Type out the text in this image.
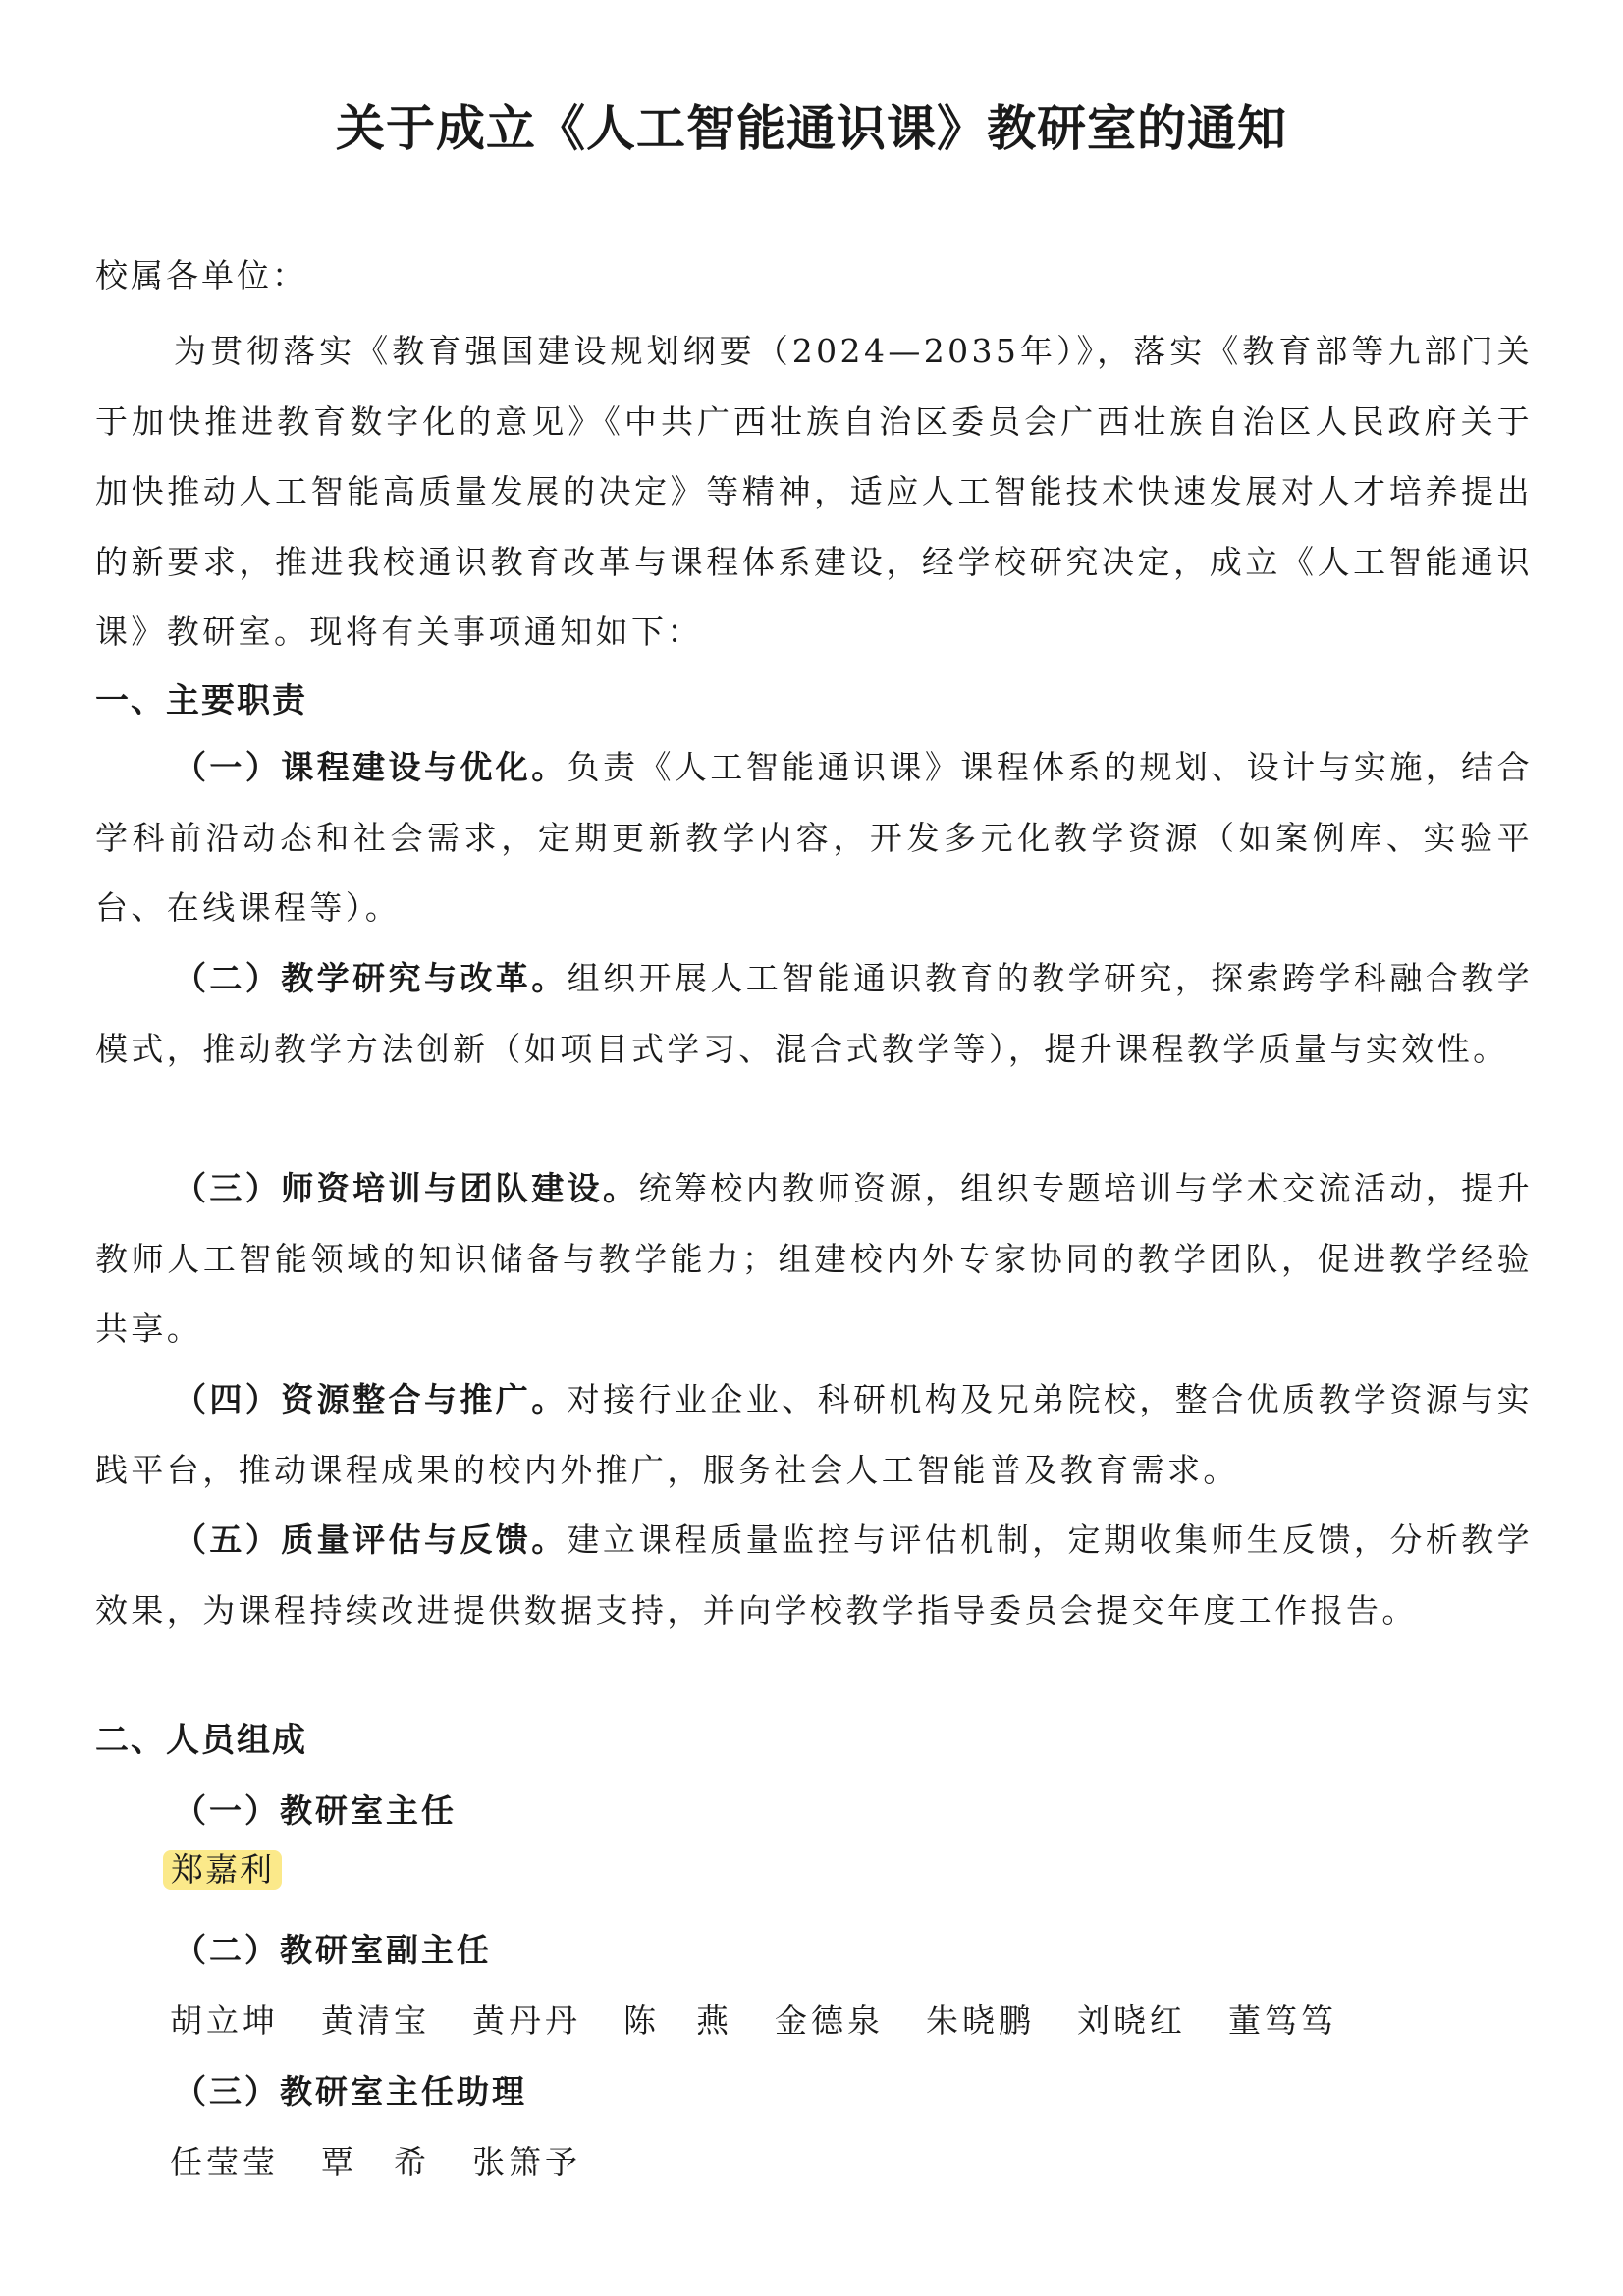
关于成立《人工智能通识课》教研室的通知
校属各单位：
为贯彻落实《教育强国建设规划纲要（2024—2035年）》，落实《教育部等九部门关于加快推进教育数字化的意见》《中共广西壮族自治区委员会广西壮族自治区人民政府关于加快推动人工智能高质量发展的决定》等精神，适应人工智能技术快速发展对人才培养提出的新要求，推进我校通识教育改革与课程体系建设，经学校研究决定，成立《人工智能通识课》教研室。现将有关事项通知如下：
一、主要职责
（一）课程建设与优化。负责《人工智能通识课》课程体系的规划、设计与实施，结合学科前沿动态和社会需求，定期更新教学内容，开发多元化教学资源（如案例库、实验平台、在线课程等）。
（二）教学研究与改革。组织开展人工智能通识教育的教学研究，探索跨学科融合教学模式，推动教学方法创新（如项目式学习、混合式教学等），提升课程教学质量与实效性。
（三）师资培训与团队建设。统筹校内教师资源，组织专题培训与学术交流活动，提升教师人工智能领域的知识储备与教学能力；组建校内外专家协同的教学团队，促进教学经验共享。
（四）资源整合与推广。对接行业企业、科研机构及兄弟院校，整合优质教学资源与实践平台，推动课程成果的校内外推广，服务社会人工智能普及教育需求。
（五）质量评估与反馈。建立课程质量监控与评估机制，定期收集师生反馈，分析教学效果，为课程持续改进提供数据支持，并向学校教学指导委员会提交年度工作报告。
二、人员组成
（一）教研室主任
郑嘉利
（二）教研室副主任
胡立坤 黄清宝 黄丹丹 陈　燕 金德泉 朱晓鹏 刘晓红 董笃笃
（三）教研室主任助理
任莹莹 覃　希 张箫予
